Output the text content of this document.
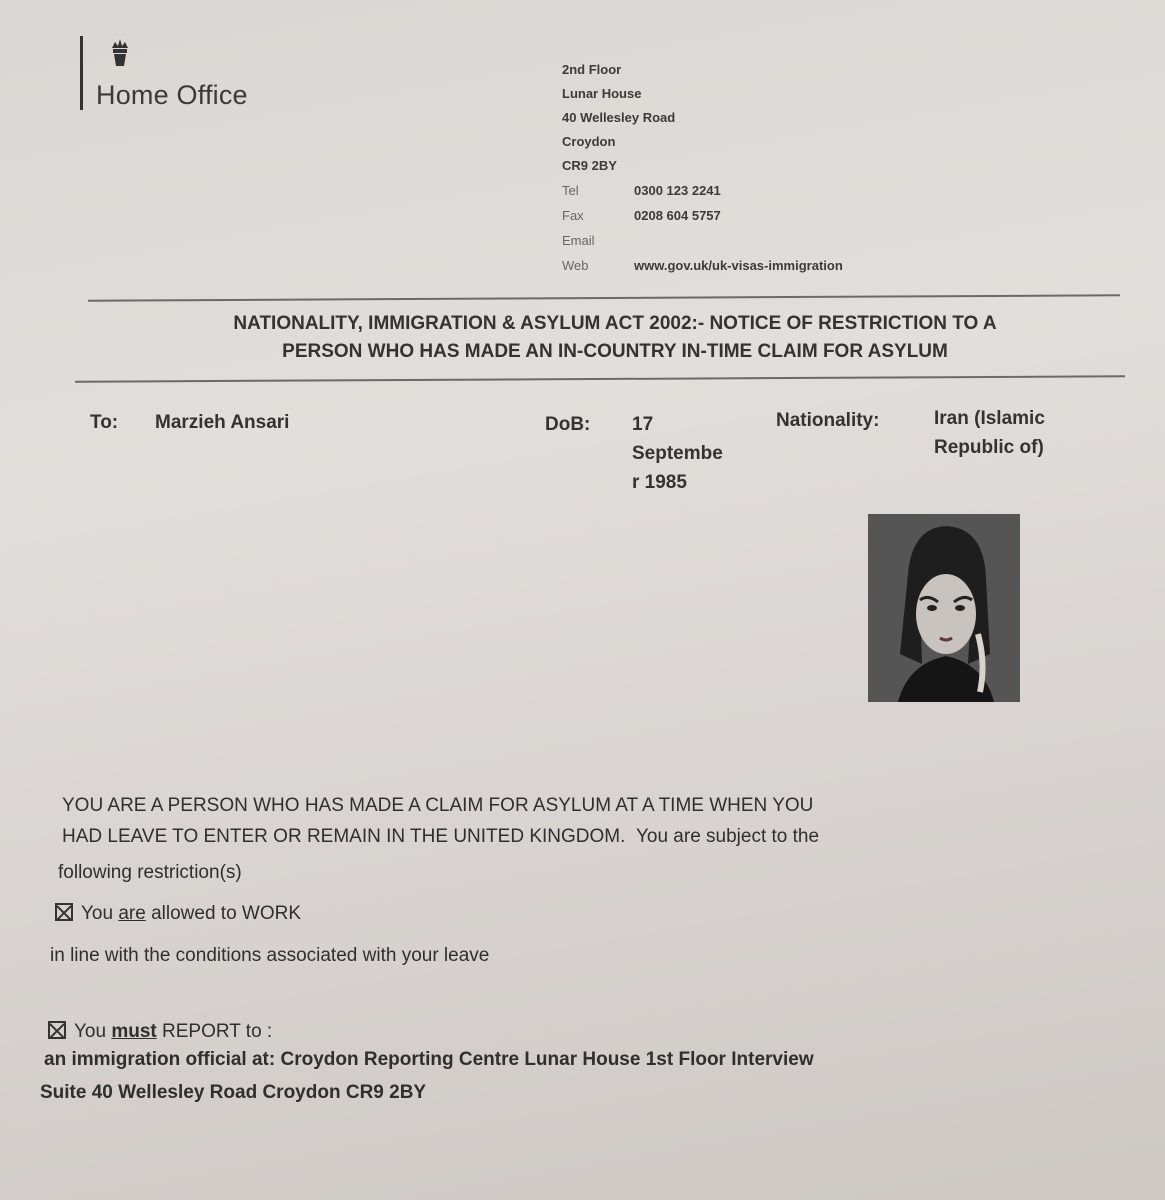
Home Office
2nd Floor
Lunar House
40 Wellesley Road
Croydon
CR9 2BY
Tel	0300 123 2241
Fax	0208 604 5757
Email
Web	www.gov.uk/uk-visas-immigration
NATIONALITY, IMMIGRATION & ASYLUM ACT 2002:- NOTICE OF RESTRICTION TO A
PERSON WHO HAS MADE AN IN-COUNTRY IN-TIME CLAIM FOR ASYLUM
To: Marzieh Ansari	DoB: 17
Septembe
r 1985
Nationality:	Iran (Islamic
Republic of)
YOU ARE A PERSON WHO HAS MADE A CLAIM FOR ASYLUM AT A TIME WHEN YOU
HAD LEAVE TO ENTER OR REMAIN IN THE UNITED KINGDOM. You are subject to the
following restriction(s)
You are allowed to WORK
in line with the conditions associated with your leave
You must REPORT to :
an immigration official at: Croydon Reporting Centre Lunar House 1st Floor Interview
Suite 40 Wellesley Road Croydon CR9 2BY
